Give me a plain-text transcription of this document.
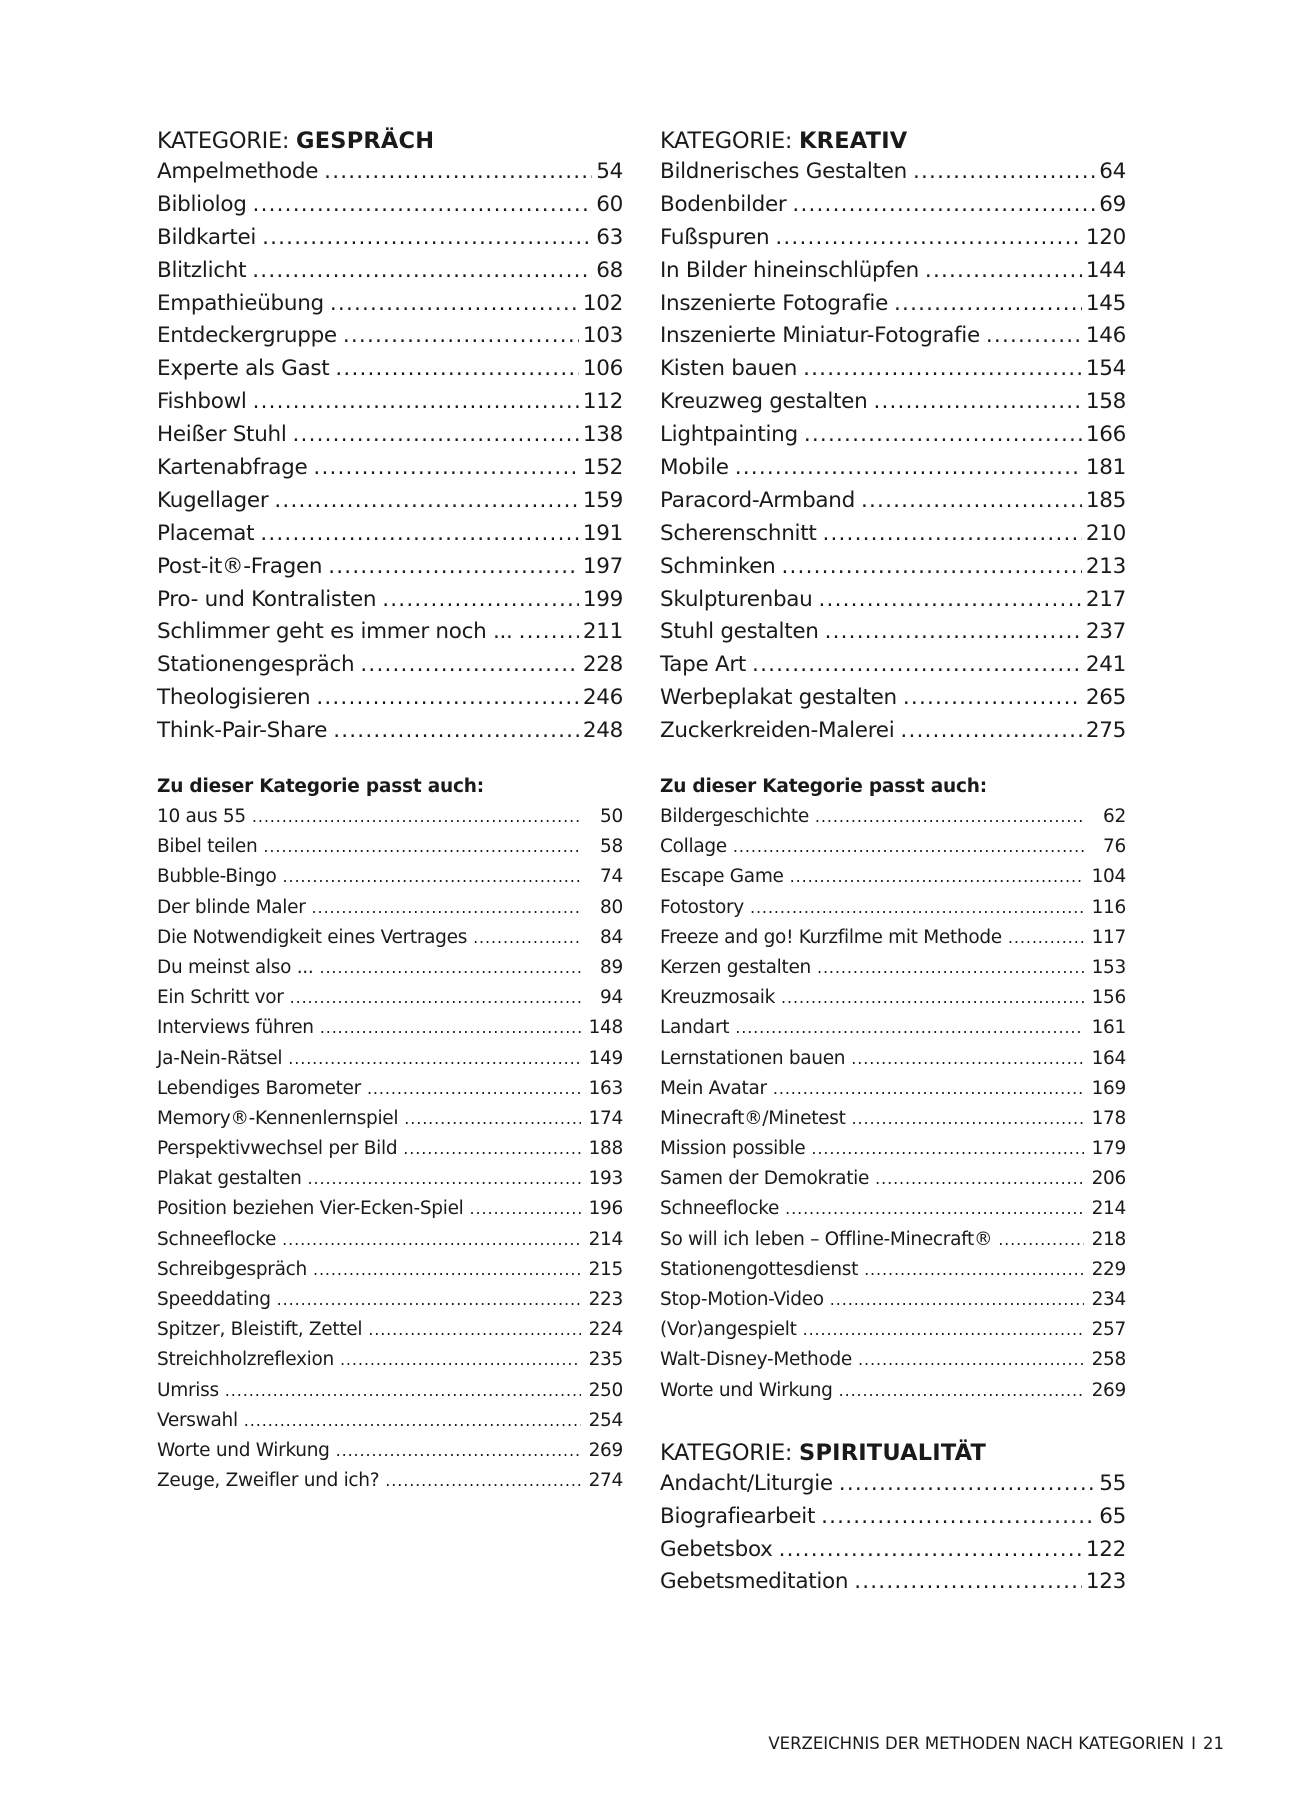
KATEGORIE: GESPRÄCH
Ampelmethode .....	54
Bibliolog .....	60
Bildkartei .....	63
Blitzlicht .....	68
Empathieübung .....	102
Entdeckergruppe .....	103
Experte als Gast .....	106
Fishbowl .....	112
Heißer Stuhl .....	138
Kartenabfrage .....	152
Kugellager .....	159
Placemat .....	191
Post-it®-Fragen .....	197
Pro- und Kontralisten .....	199
Schlimmer geht es immer noch ... .....	211
Stationengespräch .....	228
Theologisieren .....	246
Think-Pair-Share .....	248
Zu dieser Kategorie passt auch:
10 aus 55 .....	50
Bibel teilen .....	58
Bubble-Bingo .....	74
Der blinde Maler .....	80
Die Notwendigkeit eines Vertrages .....	84
Du meinst also ... .....	89
Ein Schritt vor .....	94
Interviews führen .....	148
Ja-Nein-Rätsel .....	149
Lebendiges Barometer .....	163
Memory®-Kennenlernspiel .....	174
Perspektivwechsel per Bild .....	188
Plakat gestalten .....	193
Position beziehen Vier-Ecken-Spiel .....	196
Schneeflocke .....	214
Schreibgespräch .....	215
Speeddating .....	223
Spitzer, Bleistift, Zettel .....	224
Streichholzreflexion .....	235
Umriss .....	250
Verswahl .....	254
Worte und Wirkung .....	269
Zeuge, Zweifler und ich? .....	274
KATEGORIE: KREATIV
Bildnerisches Gestalten .....	64
Bodenbilder .....	69
Fußspuren .....	120
In Bilder hineinschlüpfen .....	144
Inszenierte Fotografie .....	145
Inszenierte Miniatur-Fotografie .....	146
Kisten bauen .....	154
Kreuzweg gestalten .....	158
Lightpainting .....	166
Mobile .....	181
Paracord-Armband .....	185
Scherenschnitt .....	210
Schminken .....	213
Skulpturenbau .....	217
Stuhl gestalten .....	237
Tape Art .....	241
Werbeplakat gestalten .....	265
Zuckerkreiden-Malerei .....	275
Zu dieser Kategorie passt auch:
Bildergeschichte .....	62
Collage .....	76
Escape Game .....	104
Fotostory .....	116
Freeze and go! Kurzfilme mit Methode .....	117
Kerzen gestalten .....	153
Kreuzmosaik .....	156
Landart .....	161
Lernstationen bauen .....	164
Mein Avatar .....	169
Minecraft®/Minetest .....	178
Mission possible .....	179
Samen der Demokratie .....	206
Schneeflocke .....	214
So will ich leben – Offline-Minecraft® .....	218
Stationengottesdienst .....	229
Stop-Motion-Video .....	234
(Vor)angespielt .....	257
Walt-Disney-Methode .....	258
Worte und Wirkung .....	269
KATEGORIE: SPIRITUALITÄT
Andacht/Liturgie .....	55
Biografiearbeit .....	65
Gebetsbox .....	122
Gebetsmeditation .....	123
VERZEICHNIS DER METHODEN NACH KATEGORIEN I 21
